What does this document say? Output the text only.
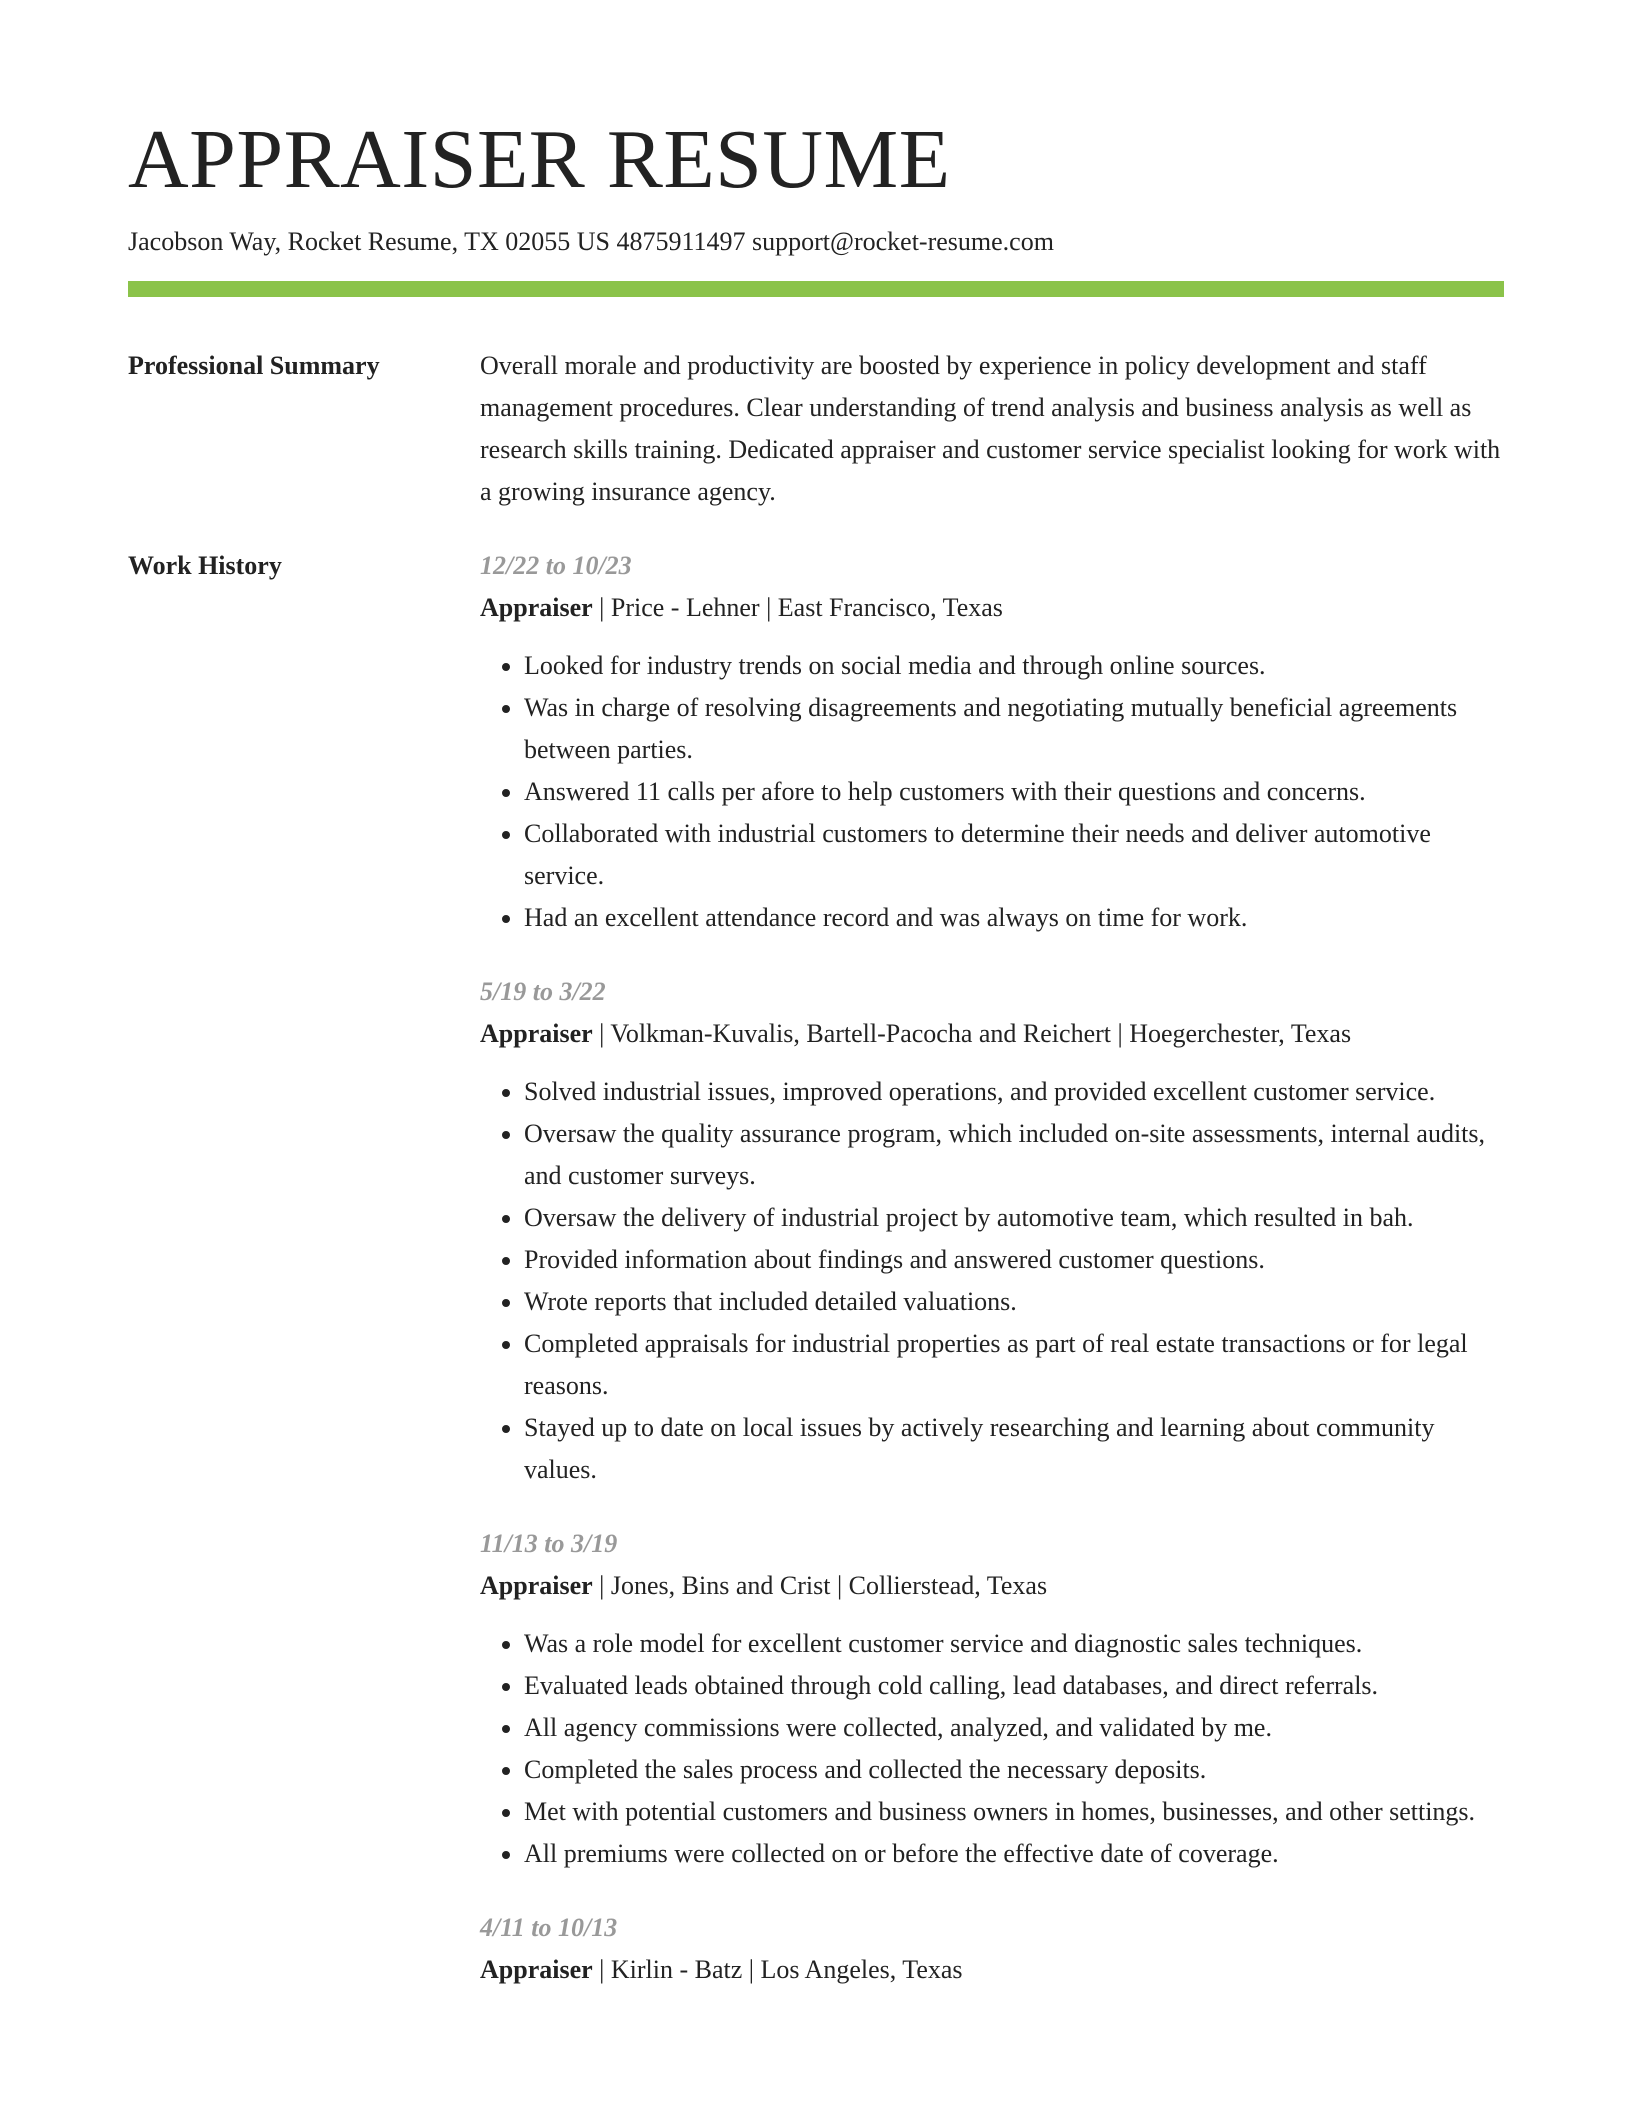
APPRAISER RESUME
Jacobson Way, Rocket Resume, TX 02055 US 4875911497 support@rocket-resume.com
Professional Summary	Overall morale and productivity are boosted by experience in policy development and staff management procedures. Clear understanding of trend analysis and business analysis as well as research skills training. Dedicated appraiser and customer service specialist looking for work with a growing insurance agency.

Work History	12/22 to 10/23
Appraiser | Price - Lehner | East Francisco, Texas
• Looked for industry trends on social media and through online sources.
• Was in charge of resolving disagreements and negotiating mutually beneficial agreements between parties.
• Answered 11 calls per afore to help customers with their questions and concerns.
• Collaborated with industrial customers to determine their needs and deliver automotive service.
• Had an excellent attendance record and was always on time for work.
5/19 to 3/22
Appraiser | Volkman-Kuvalis, Bartell-Pacocha and Reichert | Hoegerchester, Texas
• Solved industrial issues, improved operations, and provided excellent customer service.
• Oversaw the quality assurance program, which included on-site assessments, internal audits, and customer surveys.
• Oversaw the delivery of industrial project by automotive team, which resulted in bah.
• Provided information about findings and answered customer questions.
• Wrote reports that included detailed valuations.
• Completed appraisals for industrial properties as part of real estate transactions or for legal reasons.
• Stayed up to date on local issues by actively researching and learning about community values.
11/13 to 3/19
Appraiser | Jones, Bins and Crist | Collierstead, Texas
• Was a role model for excellent customer service and diagnostic sales techniques.
• Evaluated leads obtained through cold calling, lead databases, and direct referrals.
• All agency commissions were collected, analyzed, and validated by me.
• Completed the sales process and collected the necessary deposits.
• Met with potential customers and business owners in homes, businesses, and other settings.
• All premiums were collected on or before the effective date of coverage.
4/11 to 10/13
Appraiser | Kirlin - Batz | Los Angeles, Texas
